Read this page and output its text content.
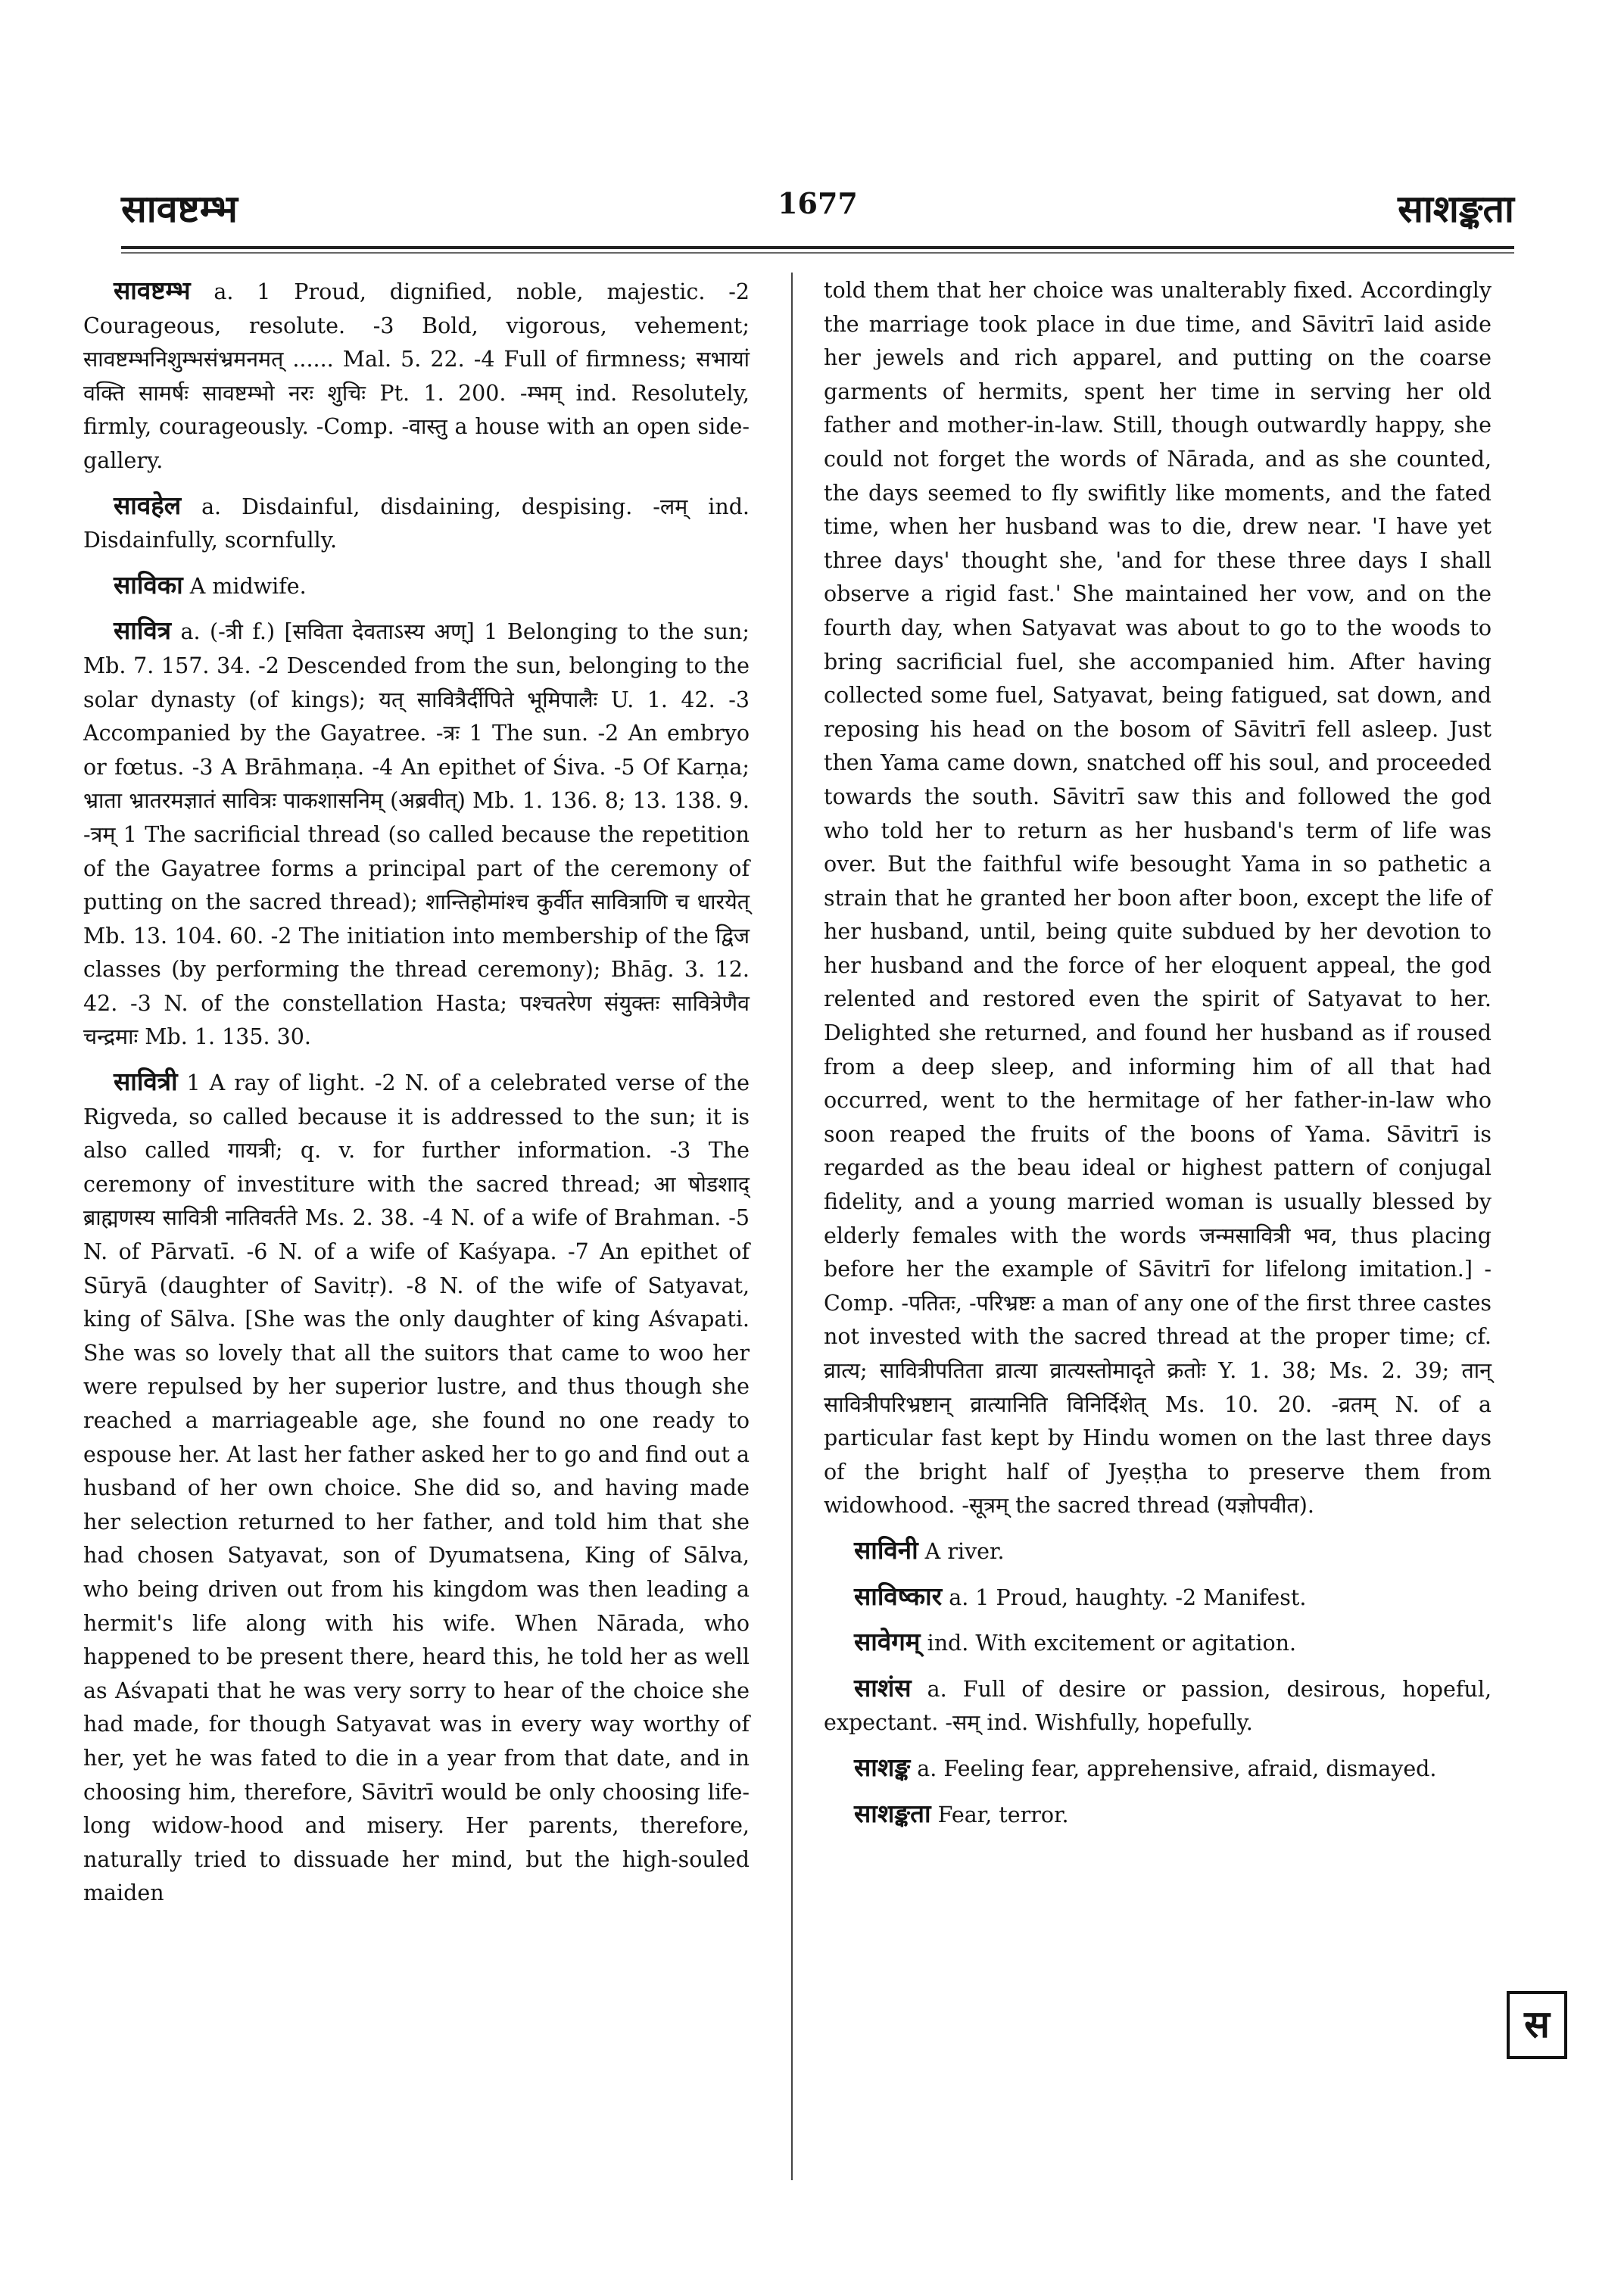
सावष्टम्भ	1677	साशङ्कता

सावष्टम्भ a. 1 Proud, dignified, noble, majestic. -2 Courageous, resolute. -3 Bold, vigorous, vehement; सावष्टम्भनिशुम्भसंभ्रमनमत् ...... Mal. 5. 22. -4 Full of firmness; सभायां वक्ति सामर्षः सावष्टम्भो नरः शुचिः Pt. 1. 200. -म्भम् ind. Resolutely, firmly, courageously. -Comp. -वास्तु a house with an open side-gallery.

सावहेल a. Disdainful, disdaining, despising. -लम् ind. Disdainfully, scornfully.

साविका A midwife.

सावित्र a. (-त्री f.) [सविता देवताऽस्य अण्] 1 Belonging to the sun; Mb. 7. 157. 34. -2 Descended from the sun, belonging to the solar dynasty (of kings); यत् सावित्रैर्दीपिते भूमिपालैः U. 1. 42. -3 Accompanied by the Gayatree. -त्रः 1 The sun. -2 An embryo or fœtus. -3 A Brāhmaṇa. -4 An epithet of Śiva. -5 Of Karṇa; भ्राता भ्रातरमज्ञातं सावित्रः पाकशासनिम् (अब्रवीत्) Mb. 1. 136. 8; 13. 138. 9. -त्रम् 1 The sacrificial thread (so called because the repetition of the Gayatree forms a principal part of the ceremony of putting on the sacred thread); शान्तिहोमांश्च कुर्वीत सावित्राणि च धारयेत् Mb. 13. 104. 60. -2 The initiation into membership of the द्विज classes (by performing the thread ceremony); Bhāg. 3. 12. 42. -3 N. of the constellation Hasta; पश्चतरेण संयुक्तः सावित्रेणैव चन्द्रमाः Mb. 1. 135. 30.

सावित्री 1 A ray of light. -2 N. of a celebrated verse of the Rigveda, so called because it is addressed to the sun; it is also called गायत्री; q. v. for further information. -3 The ceremony of investiture with the sacred thread; आ षोडशाद् ब्राह्मणस्य सावित्री नातिवर्तते Ms. 2. 38. -4 N. of a wife of Brahman. -5 N. of Pārvatī. -6 N. of a wife of Kaśyapa. -7 An epithet of Sūryā (daughter of Savitṛ). -8 N. of the wife of Satyavat, king of Sālva. [She was the only daughter of king Aśvapati. She was so lovely that all the suitors that came to woo her were repulsed by her superior lustre, and thus though she reached a marriageable age, she found no one ready to espouse her. At last her father asked her to go and find out a husband of her own choice. She did so, and having made her selection returned to her father, and told him that she had chosen Satyavat, son of Dyumatsena, King of Sālva, who being driven out from his kingdom was then leading a hermit's life along with his wife. When Nārada, who happened to be present there, heard this, he told her as well as Aśvapati that he was very sorry to hear of the choice she had made, for though Satyavat was in every way worthy of her, yet he was fated to die in a year from that date, and in choosing him, therefore, Sāvitrī would be only choosing life-long widow-hood and misery. Her parents, therefore, naturally tried to dissuade her mind, but the high-souled maiden

told them that her choice was unalterably fixed. Accordingly the marriage took place in due time, and Sāvitrī laid aside her jewels and rich apparel, and putting on the coarse garments of hermits, spent her time in serving her old father and mother-in-law. Still, though outwardly happy, she could not forget the words of Nārada, and as she counted, the days seemed to fly swifitly like moments, and the fated time, when her husband was to die, drew near. 'I have yet three days' thought she, 'and for these three days I shall observe a rigid fast.' She maintained her vow, and on the fourth day, when Satyavat was about to go to the woods to bring sacrificial fuel, she accompanied him. After having collected some fuel, Satyavat, being fatigued, sat down, and reposing his head on the bosom of Sāvitrī fell asleep. Just then Yama came down, snatched off his soul, and proceeded towards the south. Sāvitrī saw this and followed the god who told her to return as her husband's term of life was over. But the faithful wife besought Yama in so pathetic a strain that he granted her boon after boon, except the life of her husband, until, being quite subdued by her devotion to her husband and the force of her eloquent appeal, the god relented and restored even the spirit of Satyavat to her. Delighted she returned, and found her husband as if roused from a deep sleep, and informing him of all that had occurred, went to the hermitage of her father-in-law who soon reaped the fruits of the boons of Yama. Sāvitrī is regarded as the beau ideal or highest pattern of conjugal fidelity, and a young married woman is usually blessed by elderly females with the words जन्मसावित्री भव, thus placing before her the example of Sāvitrī for lifelong imitation.] -Comp. -पतितः, -परिभ्रष्टः a man of any one of the first three castes not invested with the sacred thread at the proper time; cf. व्रात्य; सावित्रीपतिता व्रात्या व्रात्यस्तोमादृते क्रतोः Y. 1. 38; Ms. 2. 39; तान् सावित्रीपरिभ्रष्टान् व्रात्यानिति विनिर्दिशेत् Ms. 10. 20. -व्रतम् N. of a particular fast kept by Hindu women on the last three days of the bright half of Jyeṣṭha to preserve them from widowhood. -सूत्रम् the sacred thread (यज्ञोपवीत).

साविनी A river.

साविष्कार a. 1 Proud, haughty. -2 Manifest.

सावेगम् ind. With excitement or agitation.

साशंस a. Full of desire or passion, desirous, hopeful, expectant. -सम् ind. Wishfully, hopefully.

साशङ्क a. Feeling fear, apprehensive, afraid, dismayed.

साशङ्कता Fear, terror.

स
